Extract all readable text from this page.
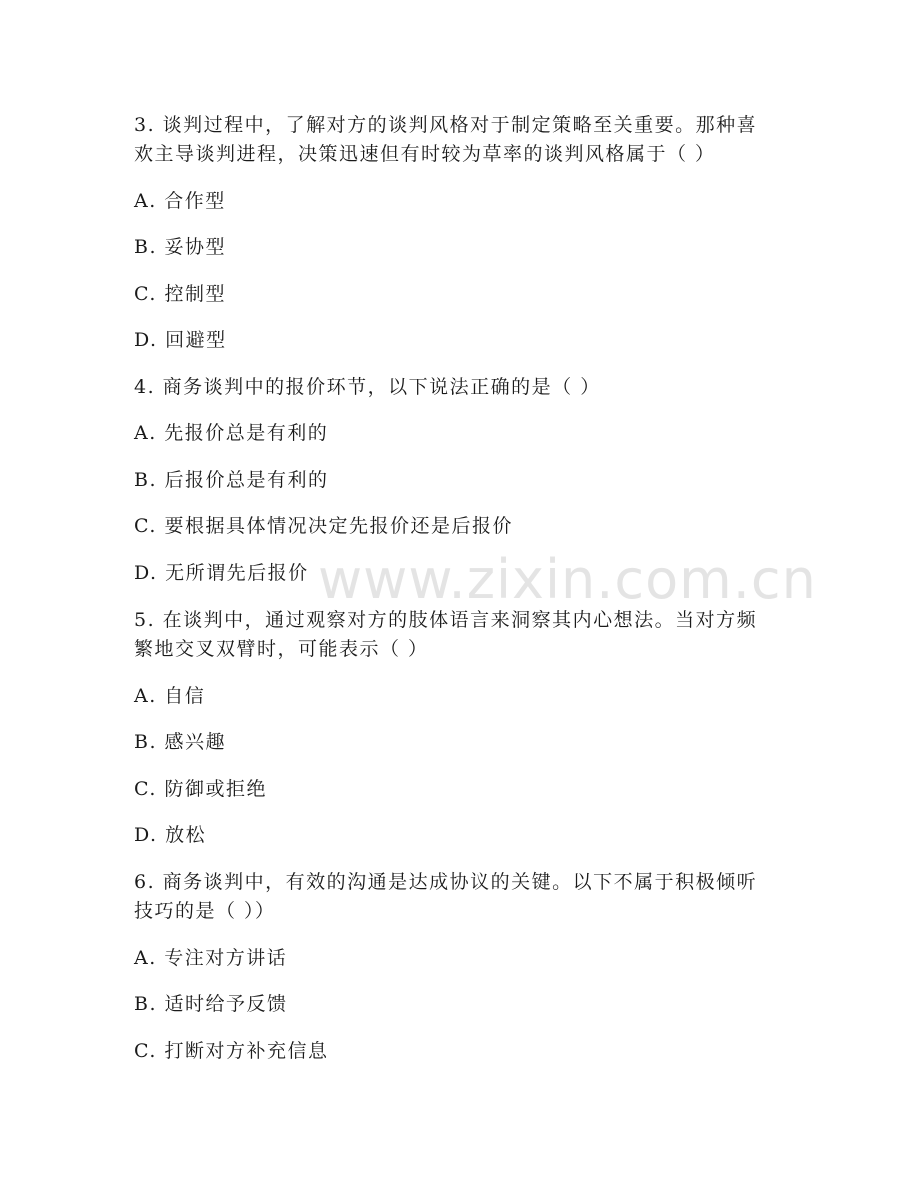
3. 谈判过程中，了解对方的谈判风格对于制定策略至关重要。那种喜
欢主导谈判进程，决策迅速但有时较为草率的谈判风格属于（ ）
A. 合作型
B. 妥协型
C. 控制型
D. 回避型
4. 商务谈判中的报价环节，以下说法正确的是（ ）
A. 先报价总是有利的
B. 后报价总是有利的
C. 要根据具体情况决定先报价还是后报价
D. 无所谓先后报价
5. 在谈判中，通过观察对方的肢体语言来洞察其内心想法。当对方频
繁地交叉双臂时，可能表示（ ）
A. 自信
B. 感兴趣
C. 防御或拒绝
D. 放松
6. 商务谈判中，有效的沟通是达成协议的关键。以下不属于积极倾听
技巧的是（ ））
A. 专注对方讲话
B. 适时给予反馈
C. 打断对方补充信息
www.zixin.com.cn
